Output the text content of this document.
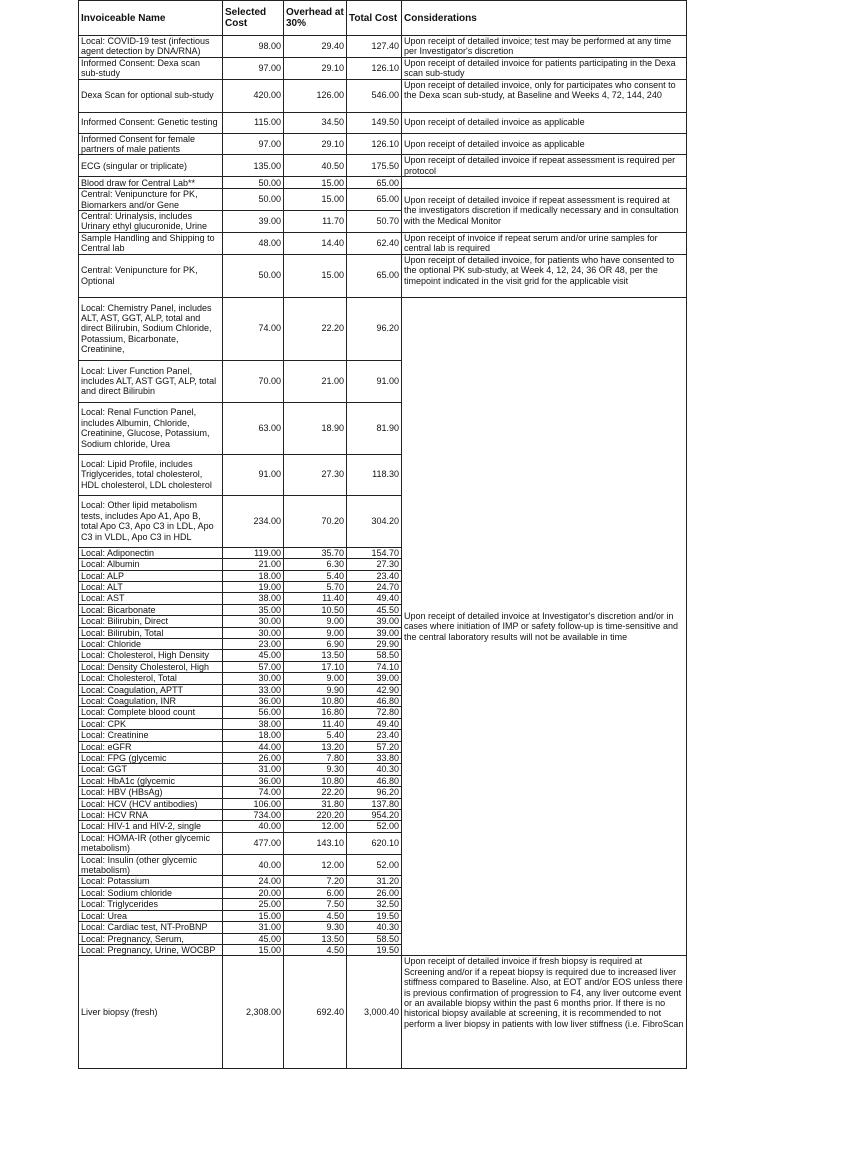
Invoiceable Name	Selected Cost	Overhead at 30%	Total Cost	Considerations
Local: COVID-19 test (infectious agent detection by DNA/RNA)	98.00	29.40	127.40	Upon receipt of detailed invoice; test may be performed at any time per Investigator's discretion
Informed Consent: Dexa scan sub-study	97.00	29.10	126.10	Upon receipt of detailed invoice for patients participating in the Dexa scan sub-study
Dexa Scan for optional sub-study	420.00	126.00	546.00	Upon receipt of detailed invoice, only for participates who consent to the Dexa scan sub-study, at Baseline and Weeks 4, 72, 144, 240
Informed Consent: Genetic testing	115.00	34.50	149.50	Upon receipt of detailed invoice as applicable
Informed Consent for female partners of male patients	97.00	29.10	126.10	Upon receipt of detailed invoice as applicable
ECG (singular or triplicate)	135.00	40.50	175.50	Upon receipt of detailed invoice if repeat assessment is required per protocol
Blood draw for Central Lab**	50.00	15.00	65.00	
Central: Venipuncture for PK, Biomarkers and/or Gene	50.00	15.00	65.00	Upon receipt of detailed invoice if repeat assessment is required at the investigators discretion if medically necessary and in consultation with the Medical Monitor
Central: Urinalysis, includes Urinary ethyl glucuronide, Urine	39.00	11.70	50.70	
Sample Handling and Shipping to Central lab	48.00	14.40	62.40	Upon receipt of invoice if repeat serum and/or urine samples for central lab is required
Central: Venipuncture for PK, Optional	50.00	15.00	65.00	Upon receipt of detailed invoice, for patients who have consented to the optional PK sub-study, at Week 4, 12, 24, 36 OR 48, per the timepoint indicated in the visit grid for the applicable visit
Local: Chemistry Panel, includes ALT, AST, GGT, ALP, total and direct Bilirubin, Sodium Chloride, Potassium, Bicarbonate, Creatinine,	74.00	22.20	96.20	Upon receipt of detailed invoice at Investigator's discretion and/or in cases where initiation of IMP or safety follow-up is time-sensitive and the central laboratory results will not be available in time
Local: Liver Function Panel, includes ALT, AST GGT, ALP, total and direct Bilirubin	70.00	21.00	91.00	
Local: Renal Function Panel, includes Albumin, Chloride, Creatinine, Glucose, Potassium, Sodium chloride, Urea	63.00	18.90	81.90	
Local: Lipid Profile, includes Triglycerides, total cholesterol, HDL cholesterol, LDL cholesterol	91.00	27.30	118.30	
Local: Other lipid metabolism tests, includes Apo A1, Apo B, total Apo C3, Apo C3 in LDL, Apo C3 in VLDL, Apo C3 in HDL	234.00	70.20	304.20	
Local: Adiponectin	119.00	35.70	154.70	
Local: Albumin	21.00	6.30	27.30	
Local: ALP	18.00	5.40	23.40	
Local: ALT	19.00	5.70	24.70	
Local: AST	38.00	11.40	49.40	
Local: Bicarbonate	35.00	10.50	45.50	
Local: Bilirubin, Direct	30.00	9.00	39.00	
Local: Bilirubin, Total	30.00	9.00	39.00	
Local: Chloride	23.00	6.90	29.90	
Local: Cholesterol, High Density	45.00	13.50	58.50	
Local: Density Cholesterol, High	57.00	17.10	74.10	
Local: Cholesterol, Total	30.00	9.00	39.00	
Local: Coagulation, APTT	33.00	9.90	42.90	
Local: Coagulation, INR	36.00	10.80	46.80	
Local: Complete blood count	56.00	16.80	72.80	
Local: CPK	38.00	11.40	49.40	
Local: Creatinine	18.00	5.40	23.40	
Local: eGFR	44.00	13.20	57.20	
Local: FPG (glycemic	26.00	7.80	33.80	
Local: GGT	31.00	9.30	40.30	
Local: HbA1c (glycemic	36.00	10.80	46.80	
Local: HBV (HBsAg)	74.00	22.20	96.20	
Local: HCV (HCV antibodies)	106.00	31.80	137.80	
Local: HCV RNA	734.00	220.20	954.20	
Local: HIV-1 and HIV-2, single	40.00	12.00	52.00	
Local: HOMA-IR (other glycemic metabolism)	477.00	143.10	620.10	
Local: Insulin (other glycemic metabolism)	40.00	12.00	52.00	
Local: Potassium	24.00	7.20	31.20	
Local: Sodium chloride	20.00	6.00	26.00	
Local: Triglycerides	25.00	7.50	32.50	
Local: Urea	15.00	4.50	19.50	
Local: Cardiac test, NT-ProBNP	31.00	9.30	40.30	
Local: Pregnancy, Serum,	45.00	13.50	58.50	
Local: Pregnancy, Urine, WOCBP	15.00	4.50	19.50	
Liver biopsy (fresh)	2,308.00	692.40	3,000.40	Upon receipt of detailed invoice if fresh biopsy is required at Screening and/or if a repeat biopsy is required due to increased liver stiffness compared to Baseline. Also, at EOT and/or EOS unless there is previous confirmation of progression to F4, any liver outcome event or an available biopsy within the past 6 months prior. If there is no historical biopsy available at screening, it is recommended to not perform a liver biopsy in patients with low liver stiffness (i.e. FibroScan
